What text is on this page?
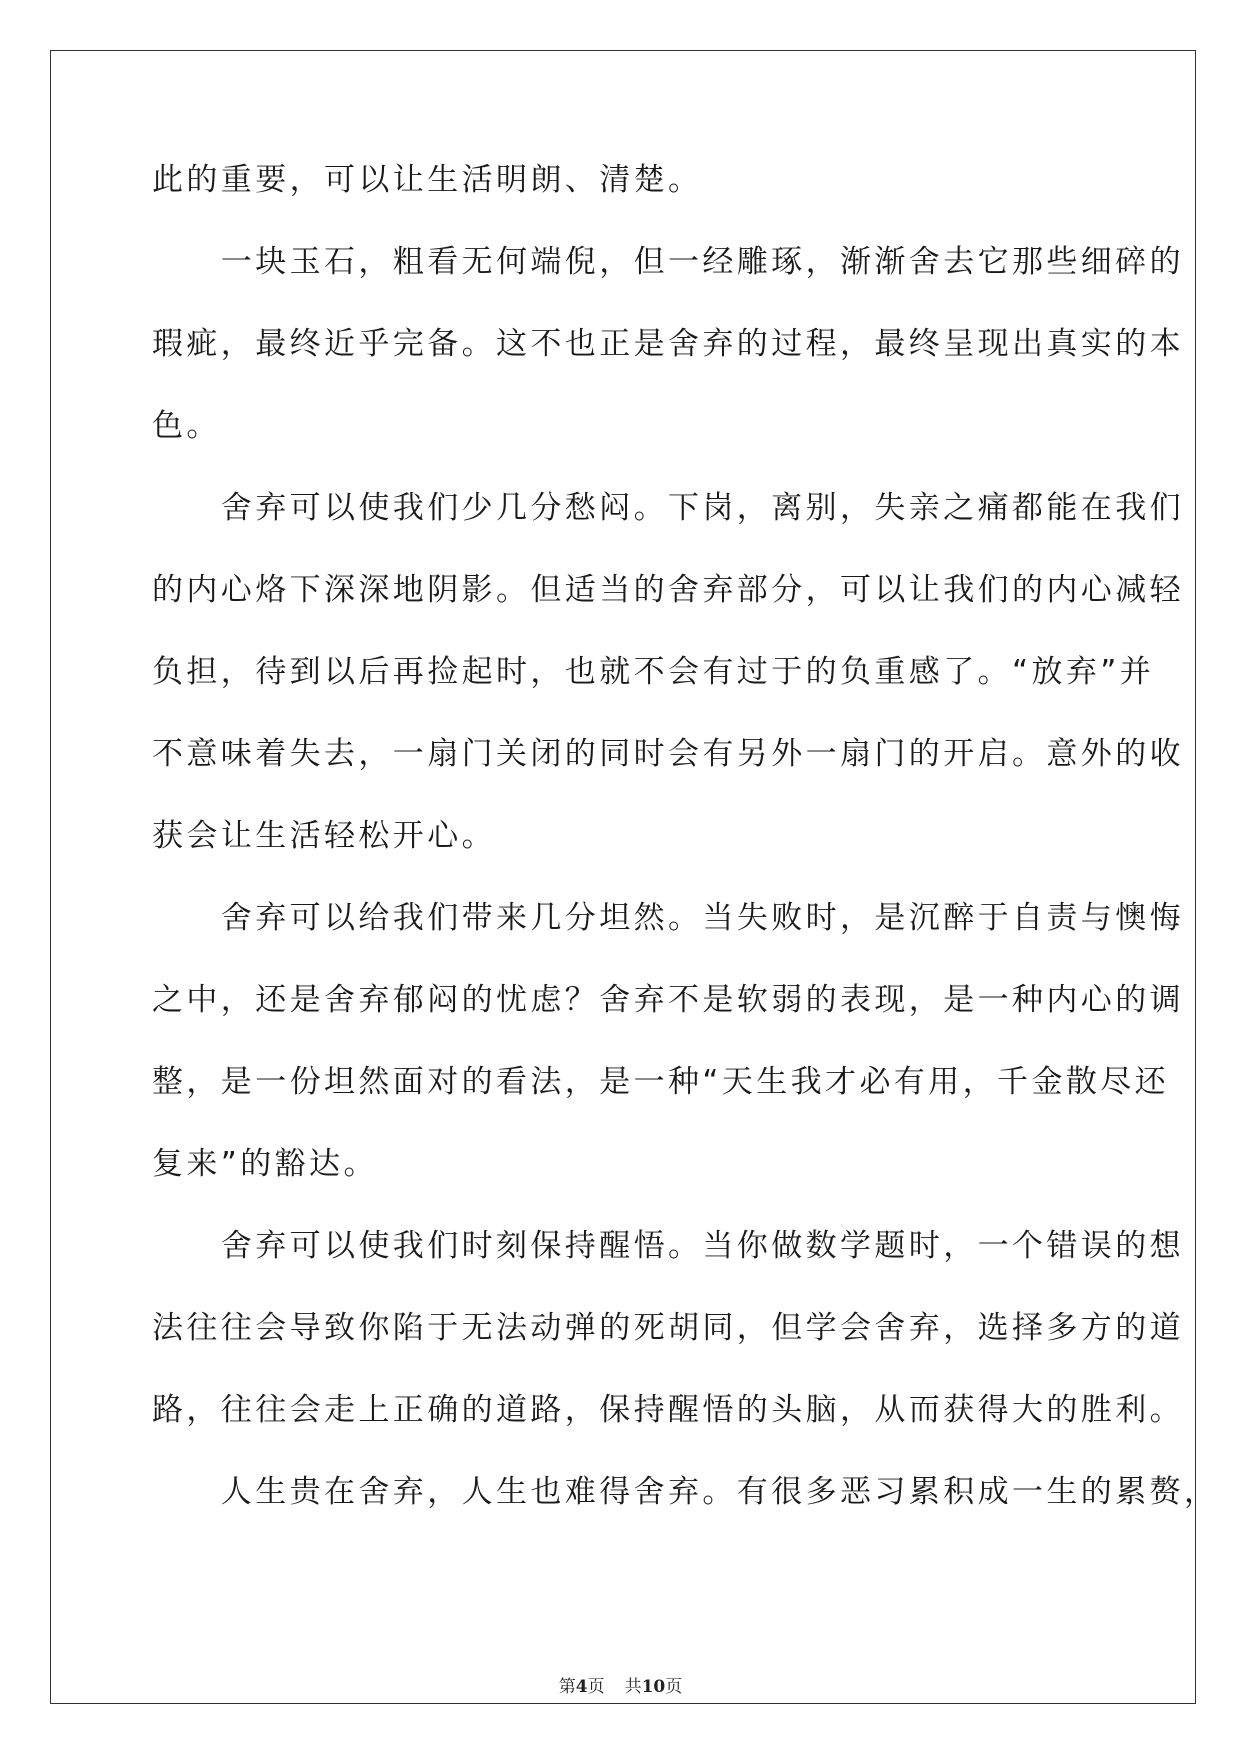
此的重要，可以让生活明朗、清楚。
　　一块玉石，粗看无何端倪，但一经雕琢，渐渐舍去它那些细碎的
瑕疵，最终近乎完备。这不也正是舍弃的过程，最终呈现出真实的本
色。
　　舍弃可以使我们少几分愁闷。下岗，离别，失亲之痛都能在我们
的内心烙下深深地阴影。但适当的舍弃部分，可以让我们的内心减轻
负担，待到以后再捡起时，也就不会有过于的负重感了。“放弃”并
不意味着失去，一扇门关闭的同时会有另外一扇门的开启。意外的收
获会让生活轻松开心。
　　舍弃可以给我们带来几分坦然。当失败时，是沉醉于自责与懊悔
之中，还是舍弃郁闷的忧虑？舍弃不是软弱的表现，是一种内心的调
整，是一份坦然面对的看法，是一种“天生我才必有用，千金散尽还
复来”的豁达。
　　舍弃可以使我们时刻保持醒悟。当你做数学题时，一个错误的想
法往往会导致你陷于无法动弹的死胡同，但学会舍弃，选择多方的道
路，往往会走上正确的道路，保持醒悟的头脑，从而获得大的胜利。
　　人生贵在舍弃，人生也难得舍弃。有很多恶习累积成一生的累赘，
第4页 共10页
